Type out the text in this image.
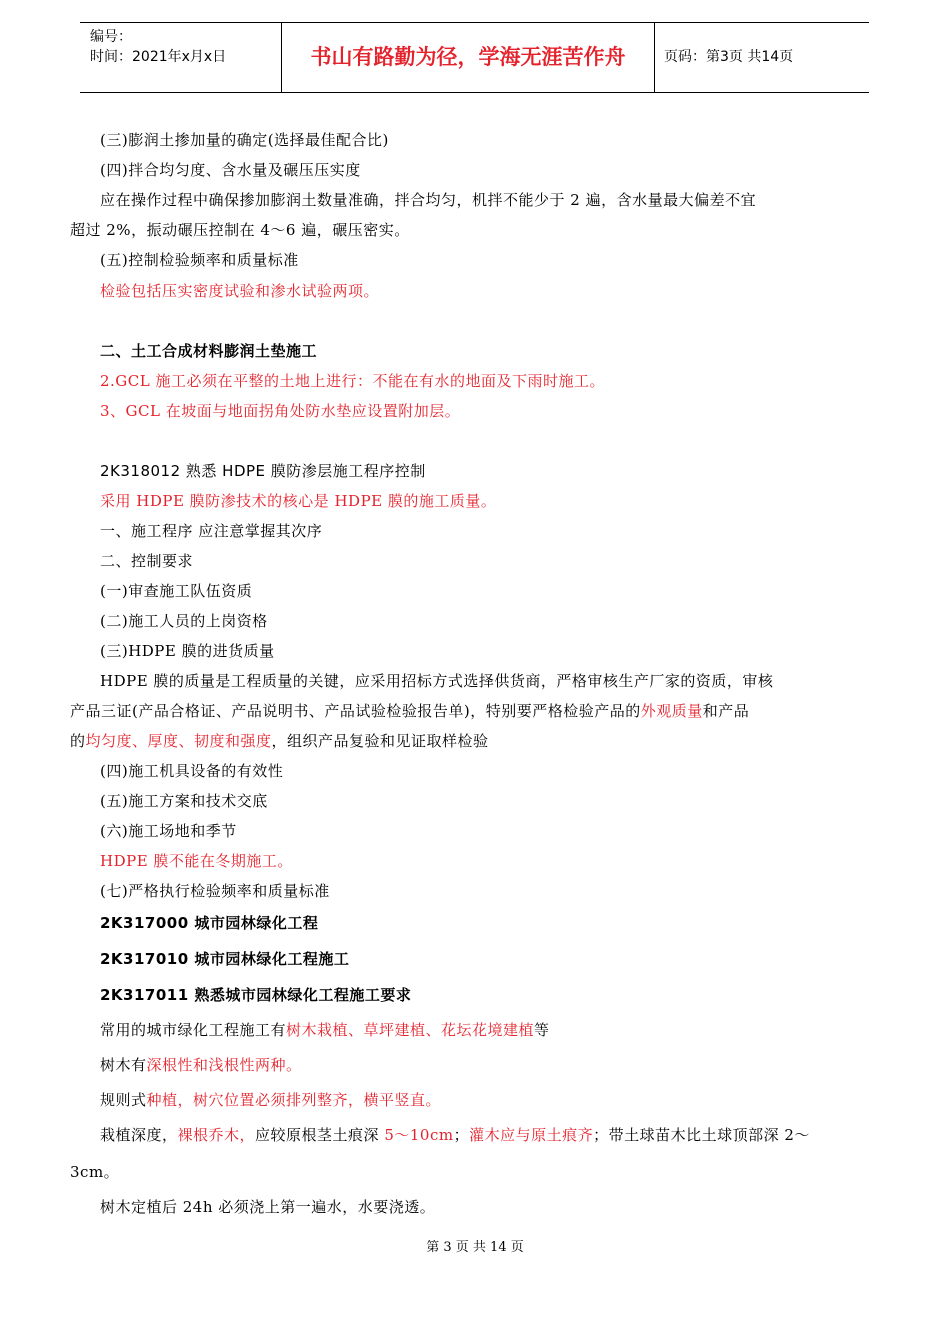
编号：
时间：2021年x月x日	书山有路勤为径，学海无涯苦作舟	页码：第3页 共14页
(三)膨润土掺加量的确定(选择最佳配合比)
(四)拌合均匀度、含水量及碾压压实度
应在操作过程中确保掺加膨润土数量准确，拌合均匀，机拌不能少于 2 遍，含水量最大偏差不宜
超过 2%，振动碾压控制在 4～6 遍，碾压密实。
(五)控制检验频率和质量标准
检验包括压实密度试验和渗水试验两项。
二、土工合成材料膨润土垫施工
2.GCL 施工必须在平整的土地上进行：不能在有水的地面及下雨时施工。
3、GCL 在坡面与地面拐角处防水垫应设置附加层。
2K318012 熟悉 HDPE 膜防渗层施工程序控制
采用 HDPE 膜防渗技术的核心是 HDPE 膜的施工质量。
一、施工程序 应注意掌握其次序
二、控制要求
(一)审查施工队伍资质
(二)施工人员的上岗资格
(三)HDPE 膜的进货质量
HDPE 膜的质量是工程质量的关键，应采用招标方式选择供货商，严格审核生产厂家的资质，审核
产品三证(产品合格证、产品说明书、产品试验检验报告单)，特别要严格检验产品的外观质量和产品
的均匀度、厚度、韧度和强度，组织产品复验和见证取样检验
(四)施工机具设备的有效性
(五)施工方案和技术交底
(六)施工场地和季节
HDPE 膜不能在冬期施工。
(七)严格执行检验频率和质量标准
2K317000 城市园林绿化工程
2K317010 城市园林绿化工程施工
2K317011 熟悉城市园林绿化工程施工要求
常用的城市绿化工程施工有树木栽植、草坪建植、花坛花境建植等
树木有深根性和浅根性两种。
规则式种植，树穴位置必须排列整齐，横平竖直。
栽植深度，裸根乔木，应较原根茎土痕深 5～10cm；灌木应与原土痕齐；带土球苗木比土球顶部深 2～
3cm。
树木定植后 24h 必须浇上第一遍水，水要浇透。
第 3 页 共 14 页
